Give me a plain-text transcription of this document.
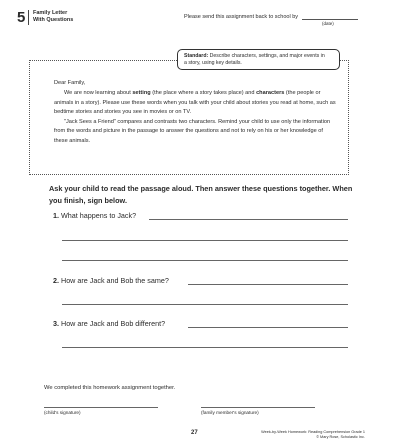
5 Family Letter
With Questions	Please send this assignment back to school by
(date)
Standard: Describe characters, settings, and major events in
a story, using key details.

Dear Family,

We are now learning about setting (the place where a story takes place) and characters (the people or animals in a story). Please use these words when you talk with your child about stories you read at home, such as bedtime stories and stories you see in movies or on TV.

"Jack Sees a Friend" compares and contrasts two characters. Remind your child to use only the information from the words and picture in the passage to answer the questions and not to rely on his or her knowledge of these animals.

Ask your child to read the passage aloud. Then answer these questions together. When you finish, sign below.
1. What happens to Jack?
2. How are Jack and Bob the same?
3. How are Jack and Bob different?
We completed this homework assignment together.
(child's signature)	(family member's signature)
27	Week-by-Week Homework: Reading Comprehension Grade 1
© Mary Rose, Scholastic Inc.
